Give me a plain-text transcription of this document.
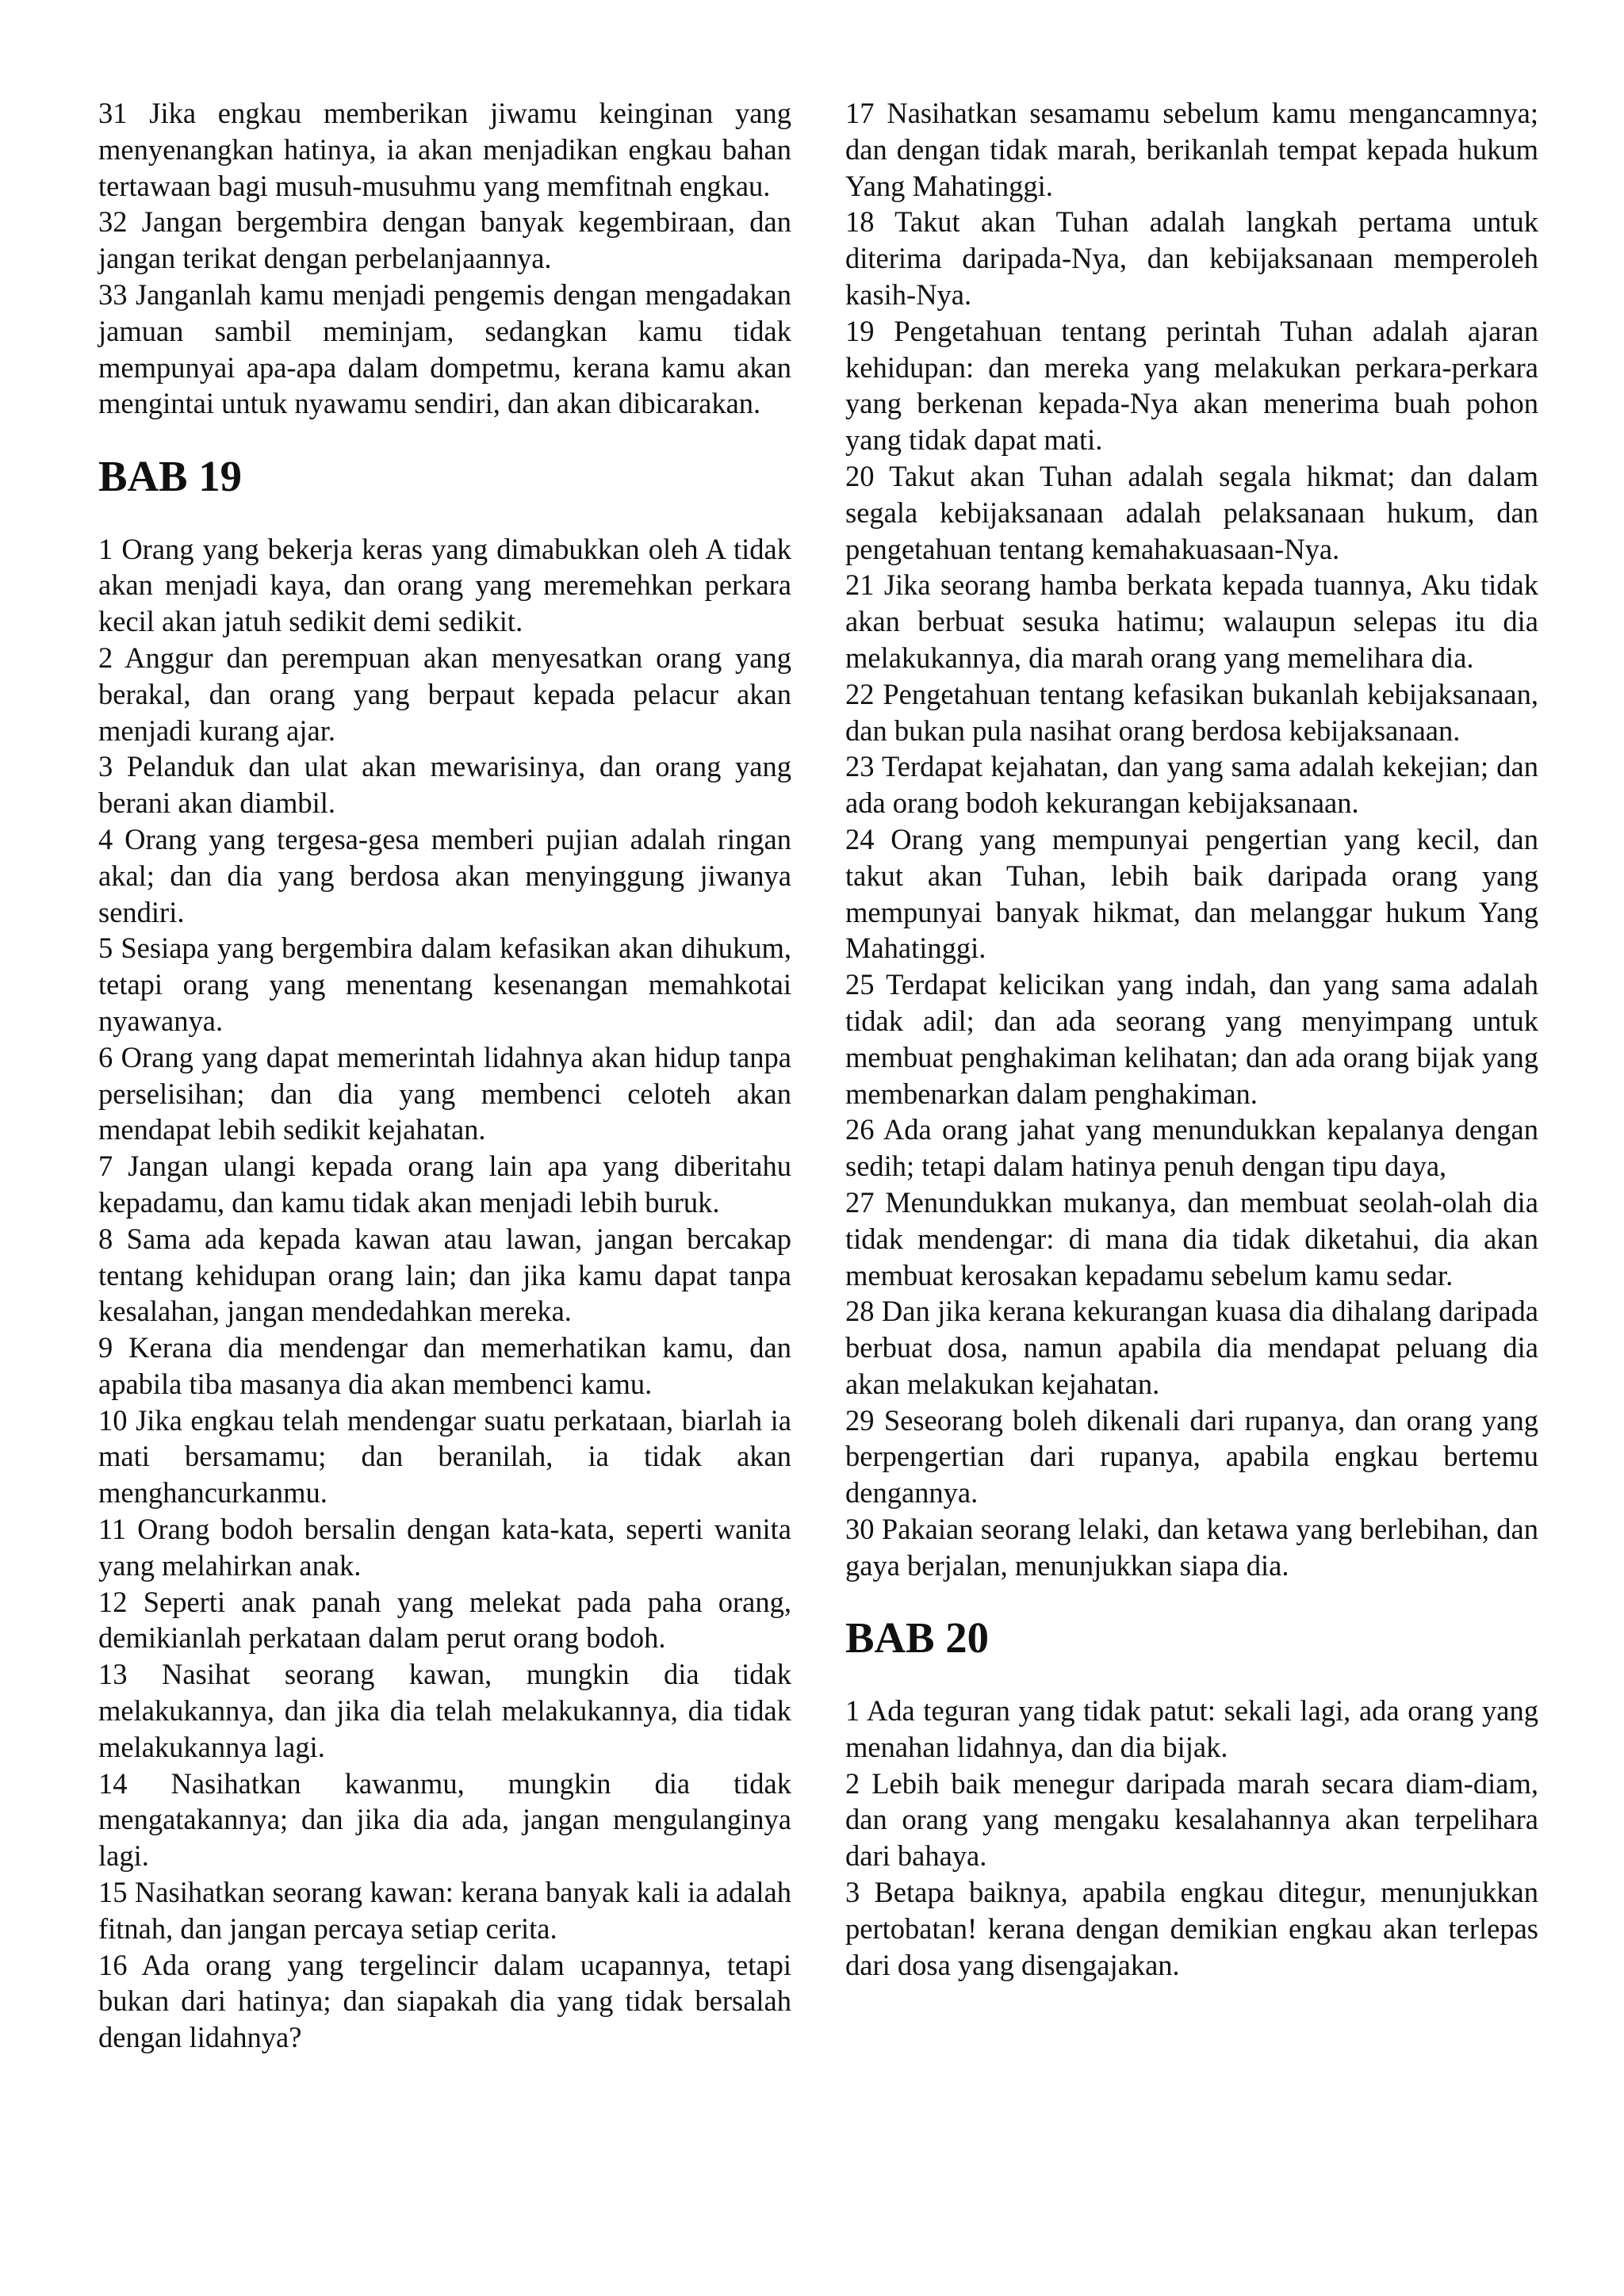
31 Jika engkau memberikan jiwamu keinginan yang menyenangkan hatinya, ia akan menjadikan engkau bahan tertawaan bagi musuh-musuhmu yang memfitnah engkau.

32 Jangan bergembira dengan banyak kegembiraan, dan jangan terikat dengan perbelanjaannya.

33 Janganlah kamu menjadi pengemis dengan mengadakan jamuan sambil meminjam, sedangkan kamu tidak mempunyai apa-apa dalam dompetmu, kerana kamu akan mengintai untuk nyawamu sendiri, dan akan dibicarakan.

BAB 19

1 Orang yang bekerja keras yang dimabukkan oleh A tidak akan menjadi kaya, dan orang yang meremehkan perkara kecil akan jatuh sedikit demi sedikit.

2 Anggur dan perempuan akan menyesatkan orang yang berakal, dan orang yang berpaut kepada pelacur akan menjadi kurang ajar.

3 Pelanduk dan ulat akan mewarisinya, dan orang yang berani akan diambil.

4 Orang yang tergesa-gesa memberi pujian adalah ringan akal; dan dia yang berdosa akan menyinggung jiwanya sendiri.

5 Sesiapa yang bergembira dalam kefasikan akan dihukum, tetapi orang yang menentang kesenangan memahkotai nyawanya.

6 Orang yang dapat memerintah lidahnya akan hidup tanpa perselisihan; dan dia yang membenci celoteh akan mendapat lebih sedikit kejahatan.

7 Jangan ulangi kepada orang lain apa yang diberitahu kepadamu, dan kamu tidak akan menjadi lebih buruk.

8 Sama ada kepada kawan atau lawan, jangan bercakap tentang kehidupan orang lain; dan jika kamu dapat tanpa kesalahan, jangan mendedahkan mereka.

9 Kerana dia mendengar dan memerhatikan kamu, dan apabila tiba masanya dia akan membenci kamu.

10 Jika engkau telah mendengar suatu perkataan, biarlah ia mati bersamamu; dan beranilah, ia tidak akan menghancurkanmu.

11 Orang bodoh bersalin dengan kata-kata, seperti wanita yang melahirkan anak.

12 Seperti anak panah yang melekat pada paha orang, demikianlah perkataan dalam perut orang bodoh.

13 Nasihat seorang kawan, mungkin dia tidak melakukannya, dan jika dia telah melakukannya, dia tidak melakukannya lagi.

14 Nasihatkan kawanmu, mungkin dia tidak mengatakannya; dan jika dia ada, jangan mengulanginya lagi.

15 Nasihatkan seorang kawan: kerana banyak kali ia adalah fitnah, dan jangan percaya setiap cerita.

16 Ada orang yang tergelincir dalam ucapannya, tetapi bukan dari hatinya; dan siapakah dia yang tidak bersalah dengan lidahnya?

17 Nasihatkan sesamamu sebelum kamu mengancamnya; dan dengan tidak marah, berikanlah tempat kepada hukum Yang Mahatinggi.

18 Takut akan Tuhan adalah langkah pertama untuk diterima daripada-Nya, dan kebijaksanaan memperoleh kasih-Nya.

19 Pengetahuan tentang perintah Tuhan adalah ajaran kehidupan: dan mereka yang melakukan perkara-perkara yang berkenan kepada-Nya akan menerima buah pohon yang tidak dapat mati.

20 Takut akan Tuhan adalah segala hikmat; dan dalam segala kebijaksanaan adalah pelaksanaan hukum, dan pengetahuan tentang kemahakuasaan-Nya.

21 Jika seorang hamba berkata kepada tuannya, Aku tidak akan berbuat sesuka hatimu; walaupun selepas itu dia melakukannya, dia marah orang yang memelihara dia.

22 Pengetahuan tentang kefasikan bukanlah kebijaksanaan, dan bukan pula nasihat orang berdosa kebijaksanaan.

23 Terdapat kejahatan, dan yang sama adalah kekejian; dan ada orang bodoh kekurangan kebijaksanaan.

24 Orang yang mempunyai pengertian yang kecil, dan takut akan Tuhan, lebih baik daripada orang yang mempunyai banyak hikmat, dan melanggar hukum Yang Mahatinggi.

25 Terdapat kelicikan yang indah, dan yang sama adalah tidak adil; dan ada seorang yang menyimpang untuk membuat penghakiman kelihatan; dan ada orang bijak yang membenarkan dalam penghakiman.

26 Ada orang jahat yang menundukkan kepalanya dengan sedih; tetapi dalam hatinya penuh dengan tipu daya,

27 Menundukkan mukanya, dan membuat seolah-olah dia tidak mendengar: di mana dia tidak diketahui, dia akan membuat kerosakan kepadamu sebelum kamu sedar.

28 Dan jika kerana kekurangan kuasa dia dihalang daripada berbuat dosa, namun apabila dia mendapat peluang dia akan melakukan kejahatan.

29 Seseorang boleh dikenali dari rupanya, dan orang yang berpengertian dari rupanya, apabila engkau bertemu dengannya.

30 Pakaian seorang lelaki, dan ketawa yang berlebihan, dan gaya berjalan, menunjukkan siapa dia.

BAB 20

1 Ada teguran yang tidak patut: sekali lagi, ada orang yang menahan lidahnya, dan dia bijak.

2 Lebih baik menegur daripada marah secara diam-diam, dan orang yang mengaku kesalahannya akan terpelihara dari bahaya.

3 Betapa baiknya, apabila engkau ditegur, menunjukkan pertobatan! kerana dengan demikian engkau akan terlepas dari dosa yang disengajakan.
